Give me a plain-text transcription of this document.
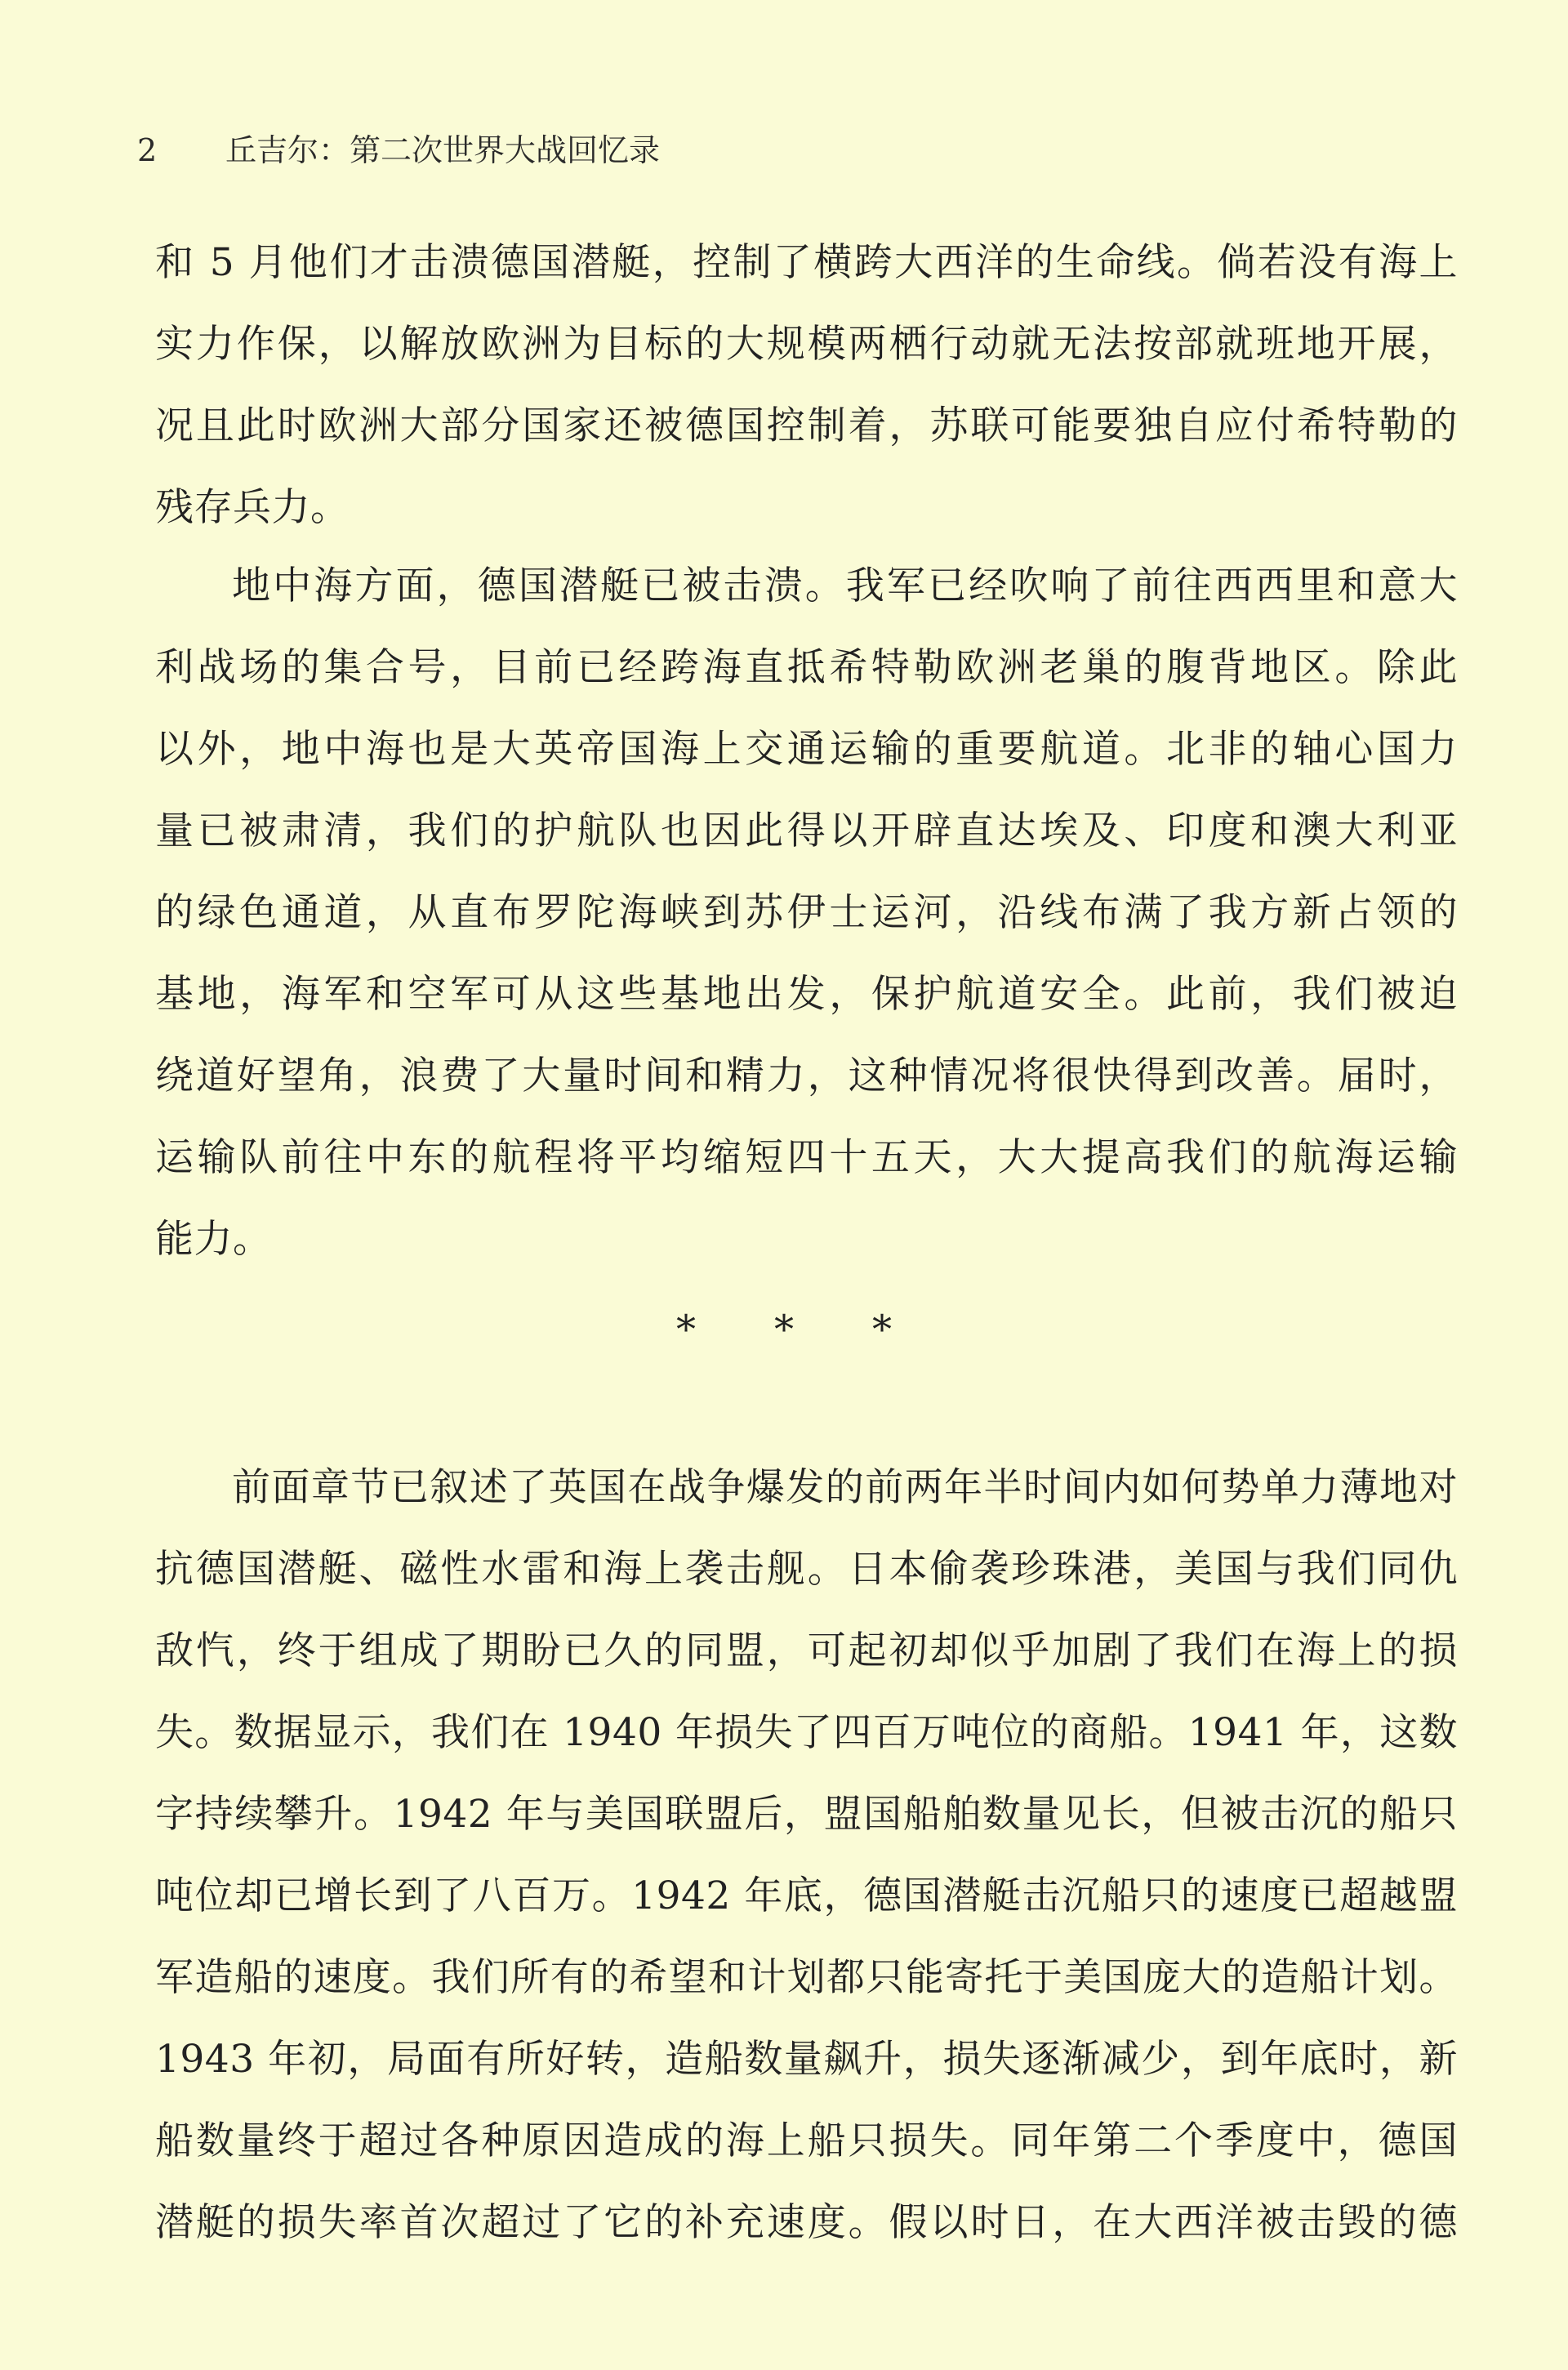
2 丘吉尔：第二次世界大战回忆录
和 5 月他们才击溃德国潜艇，控制了横跨大西洋的生命线。倘若没有海上
实力作保，以解放欧洲为目标的大规模两栖行动就无法按部就班地开展，
况且此时欧洲大部分国家还被德国控制着，苏联可能要独自应付希特勒的
残存兵力。
地中海方面，德国潜艇已被击溃。我军已经吹响了前往西西里和意大
利战场的集合号，目前已经跨海直抵希特勒欧洲老巢的腹背地区。除此
以外，地中海也是大英帝国海上交通运输的重要航道。北非的轴心国力
量已被肃清，我们的护航队也因此得以开辟直达埃及、印度和澳大利亚
的绿色通道，从直布罗陀海峡到苏伊士运河，沿线布满了我方新占领的
基地，海军和空军可从这些基地出发，保护航道安全。此前，我们被迫
绕道好望角，浪费了大量时间和精力，这种情况将很快得到改善。届时，
运输队前往中东的航程将平均缩短四十五天，大大提高我们的航海运输
能力。
* * *
前面章节已叙述了英国在战争爆发的前两年半时间内如何势单力薄地对
抗德国潜艇、磁性水雷和海上袭击舰。日本偷袭珍珠港，美国与我们同仇
敌忾，终于组成了期盼已久的同盟，可起初却似乎加剧了我们在海上的损
失。数据显示，我们在 1940 年损失了四百万吨位的商船。1941 年，这数
字持续攀升。1942 年与美国联盟后，盟国船舶数量见长，但被击沉的船只
吨位却已增长到了八百万。1942 年底，德国潜艇击沉船只的速度已超越盟
军造船的速度。我们所有的希望和计划都只能寄托于美国庞大的造船计划。
1943 年初，局面有所好转，造船数量飙升，损失逐渐减少，到年底时，新
船数量终于超过各种原因造成的海上船只损失。同年第二个季度中，德国
潜艇的损失率首次超过了它的补充速度。假以时日，在大西洋被击毁的德
